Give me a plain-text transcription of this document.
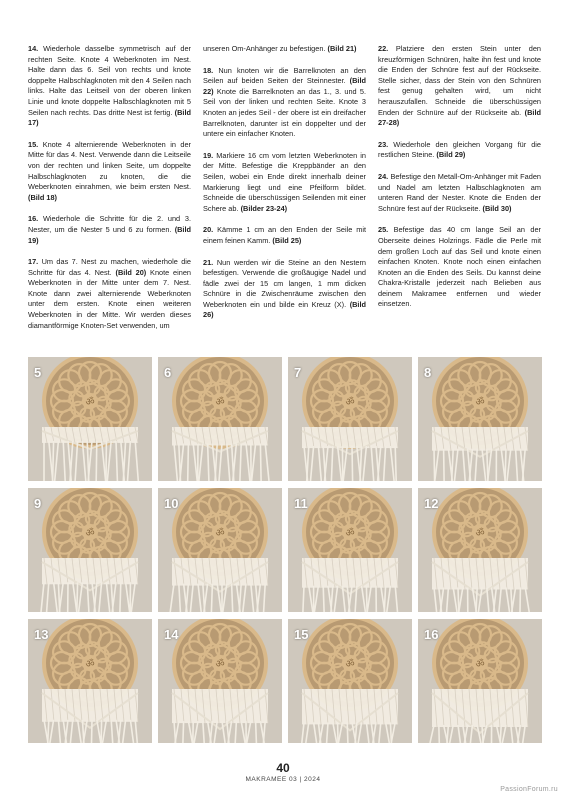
14. Wiederhole dasselbe symmetrisch auf der rechten Seite. Knote 4 Weberknoten im Nest. Halte dann das 6. Seil von rechts und knote doppelte Halbschlagknoten mit den 4 Seilen nach links. Halte das Leitseil von der oberen linken Linie und knote doppelte Halbschlagknoten mit 5 Seilen nach rechts. Das dritte Nest ist fertig. (Bild 17)

15. Knote 4 alternierende Weberknoten in der Mitte für das 4. Nest. Verwende dann die Leitseile von der rechten und linken Seite, um doppelte Halbschlagknoten zu knoten, die die Weberknoten einrahmen, wie beim ersten Nest. (Bild 18)

16. Wiederhole die Schritte für die 2. und 3. Nester, um die Nester 5 und 6 zu formen. (Bild 19)

17. Um das 7. Nest zu machen, wiederhole die Schritte für das 4. Nest. (Bild 20) Knote einen Weberknoten in der Mitte unter dem 7. Nest. Knote dann zwei alternierende Weberknoten unter dem ersten. Knote einen weiteren Weberknoten in der Mitte. Wir werden dieses diamantförmige Knoten-Set verwenden, um

unseren Om-Anhänger zu befestigen. (Bild 21)

18. Nun knoten wir die Barrelknoten an den Seilen auf beiden Seiten der Steinnester. (Bild 22) Knote die Barrelknoten an das 1., 3. und 5. Seil von der linken und rechten Seite. Knote 3 Knoten an jedes Seil - der obere ist ein dreifacher Barrelknoten, darunter ist ein doppelter und der untere ein einfacher Knoten.

19. Markiere 16 cm vom letzten Weberknoten in der Mitte. Befestige die Kreppbänder an den Seilen, wobei ein Ende direkt innerhalb deiner Markierung liegt und eine Pfeilform bildet. Schneide die überschüssigen Seilenden mit einer Schere ab. (Bilder 23-24)

20. Kämme 1 cm an den Enden der Seile mit einem feinen Kamm. (Bild 25)

21. Nun werden wir die Steine an den Nestern befestigen. Verwende die großäugige Nadel und fädle zwei der 15 cm langen, 1 mm dicken Schnüre in die Zwischenräume zwischen den Weberknoten ein und bilde ein Kreuz (X). (Bild 26)

22. Platziere den ersten Stein unter den kreuzförmigen Schnüren, halte ihn fest und knote die Enden der Schnüre fest auf der Rückseite. Stelle sicher, dass der Stein von den Schnüren fest genug gehalten wird, um nicht herauszufallen. Schneide die überschüssigen Enden der Schnüre auf der Rückseite ab. (Bild 27-28)

23. Wiederhole den gleichen Vorgang für die restlichen Steine. (Bild 29)

24. Befestige den Metall-Om-Anhänger mit Faden und Nadel am letzten Halbschlagknoten am unteren Rand der Nester. Knote die Enden der Schnüre fest auf der Rückseite. (Bild 30)

25. Befestige das 40 cm lange Seil an der Oberseite deines Holzrings. Fädle die Perle mit dem großen Loch auf das Seil und knote einen einfachen Knoten. Knote noch einen einfachen Knoten an die Enden des Seils. Du kannst deine Chakra-Kristalle jederzeit nach Belieben aus deinem Makramee entfernen und wieder einsetzen.

ॐ
5
ॐ
6
ॐ
7
ॐ
8
ॐ
9
ॐ
10
ॐ
11
ॐ
12
ॐ
13
ॐ
14
ॐ
15
ॐ
16
40
MAKRAMEE 03 | 2024
PassionForum.ru
